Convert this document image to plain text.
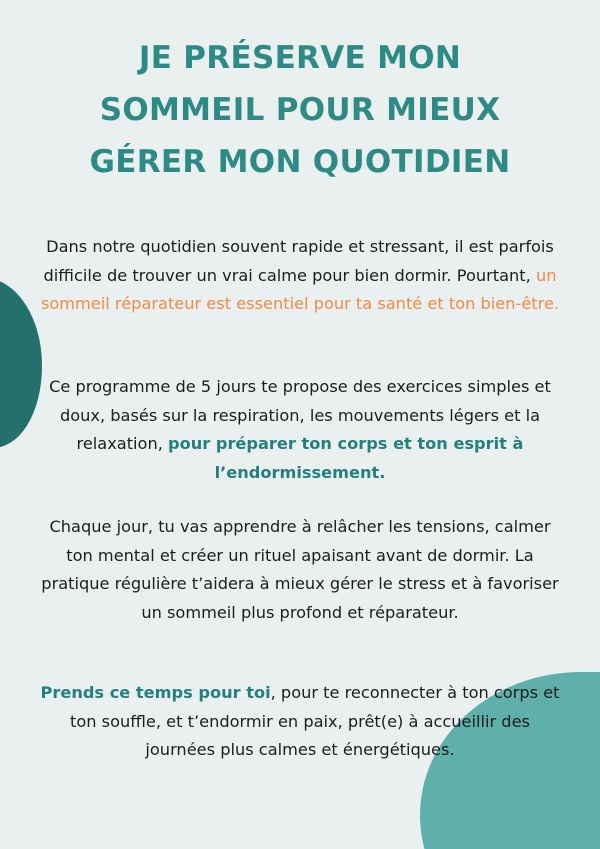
JE PRÉSERVE MON
SOMMEIL POUR MIEUX
GÉRER MON QUOTIDIEN

Dans notre quotidien souvent rapide et stressant, il est parfois difficile de trouver un vrai calme pour bien dormir. Pourtant, un sommeil réparateur est essentiel pour ta santé et ton bien-être.

Ce programme de 5 jours te propose des exercices simples et doux, basés sur la respiration, les mouvements légers et la relaxation, pour préparer ton corps et ton esprit à l’endormissement.

Chaque jour, tu vas apprendre à relâcher les tensions, calmer ton mental et créer un rituel apaisant avant de dormir. La pratique régulière t’aidera à mieux gérer le stress et à favoriser un sommeil plus profond et réparateur.

Prends ce temps pour toi, pour te reconnecter à ton corps et ton souffle, et t’endormir en paix, prêt(e) à accueillir des journées plus calmes et énergétiques.
